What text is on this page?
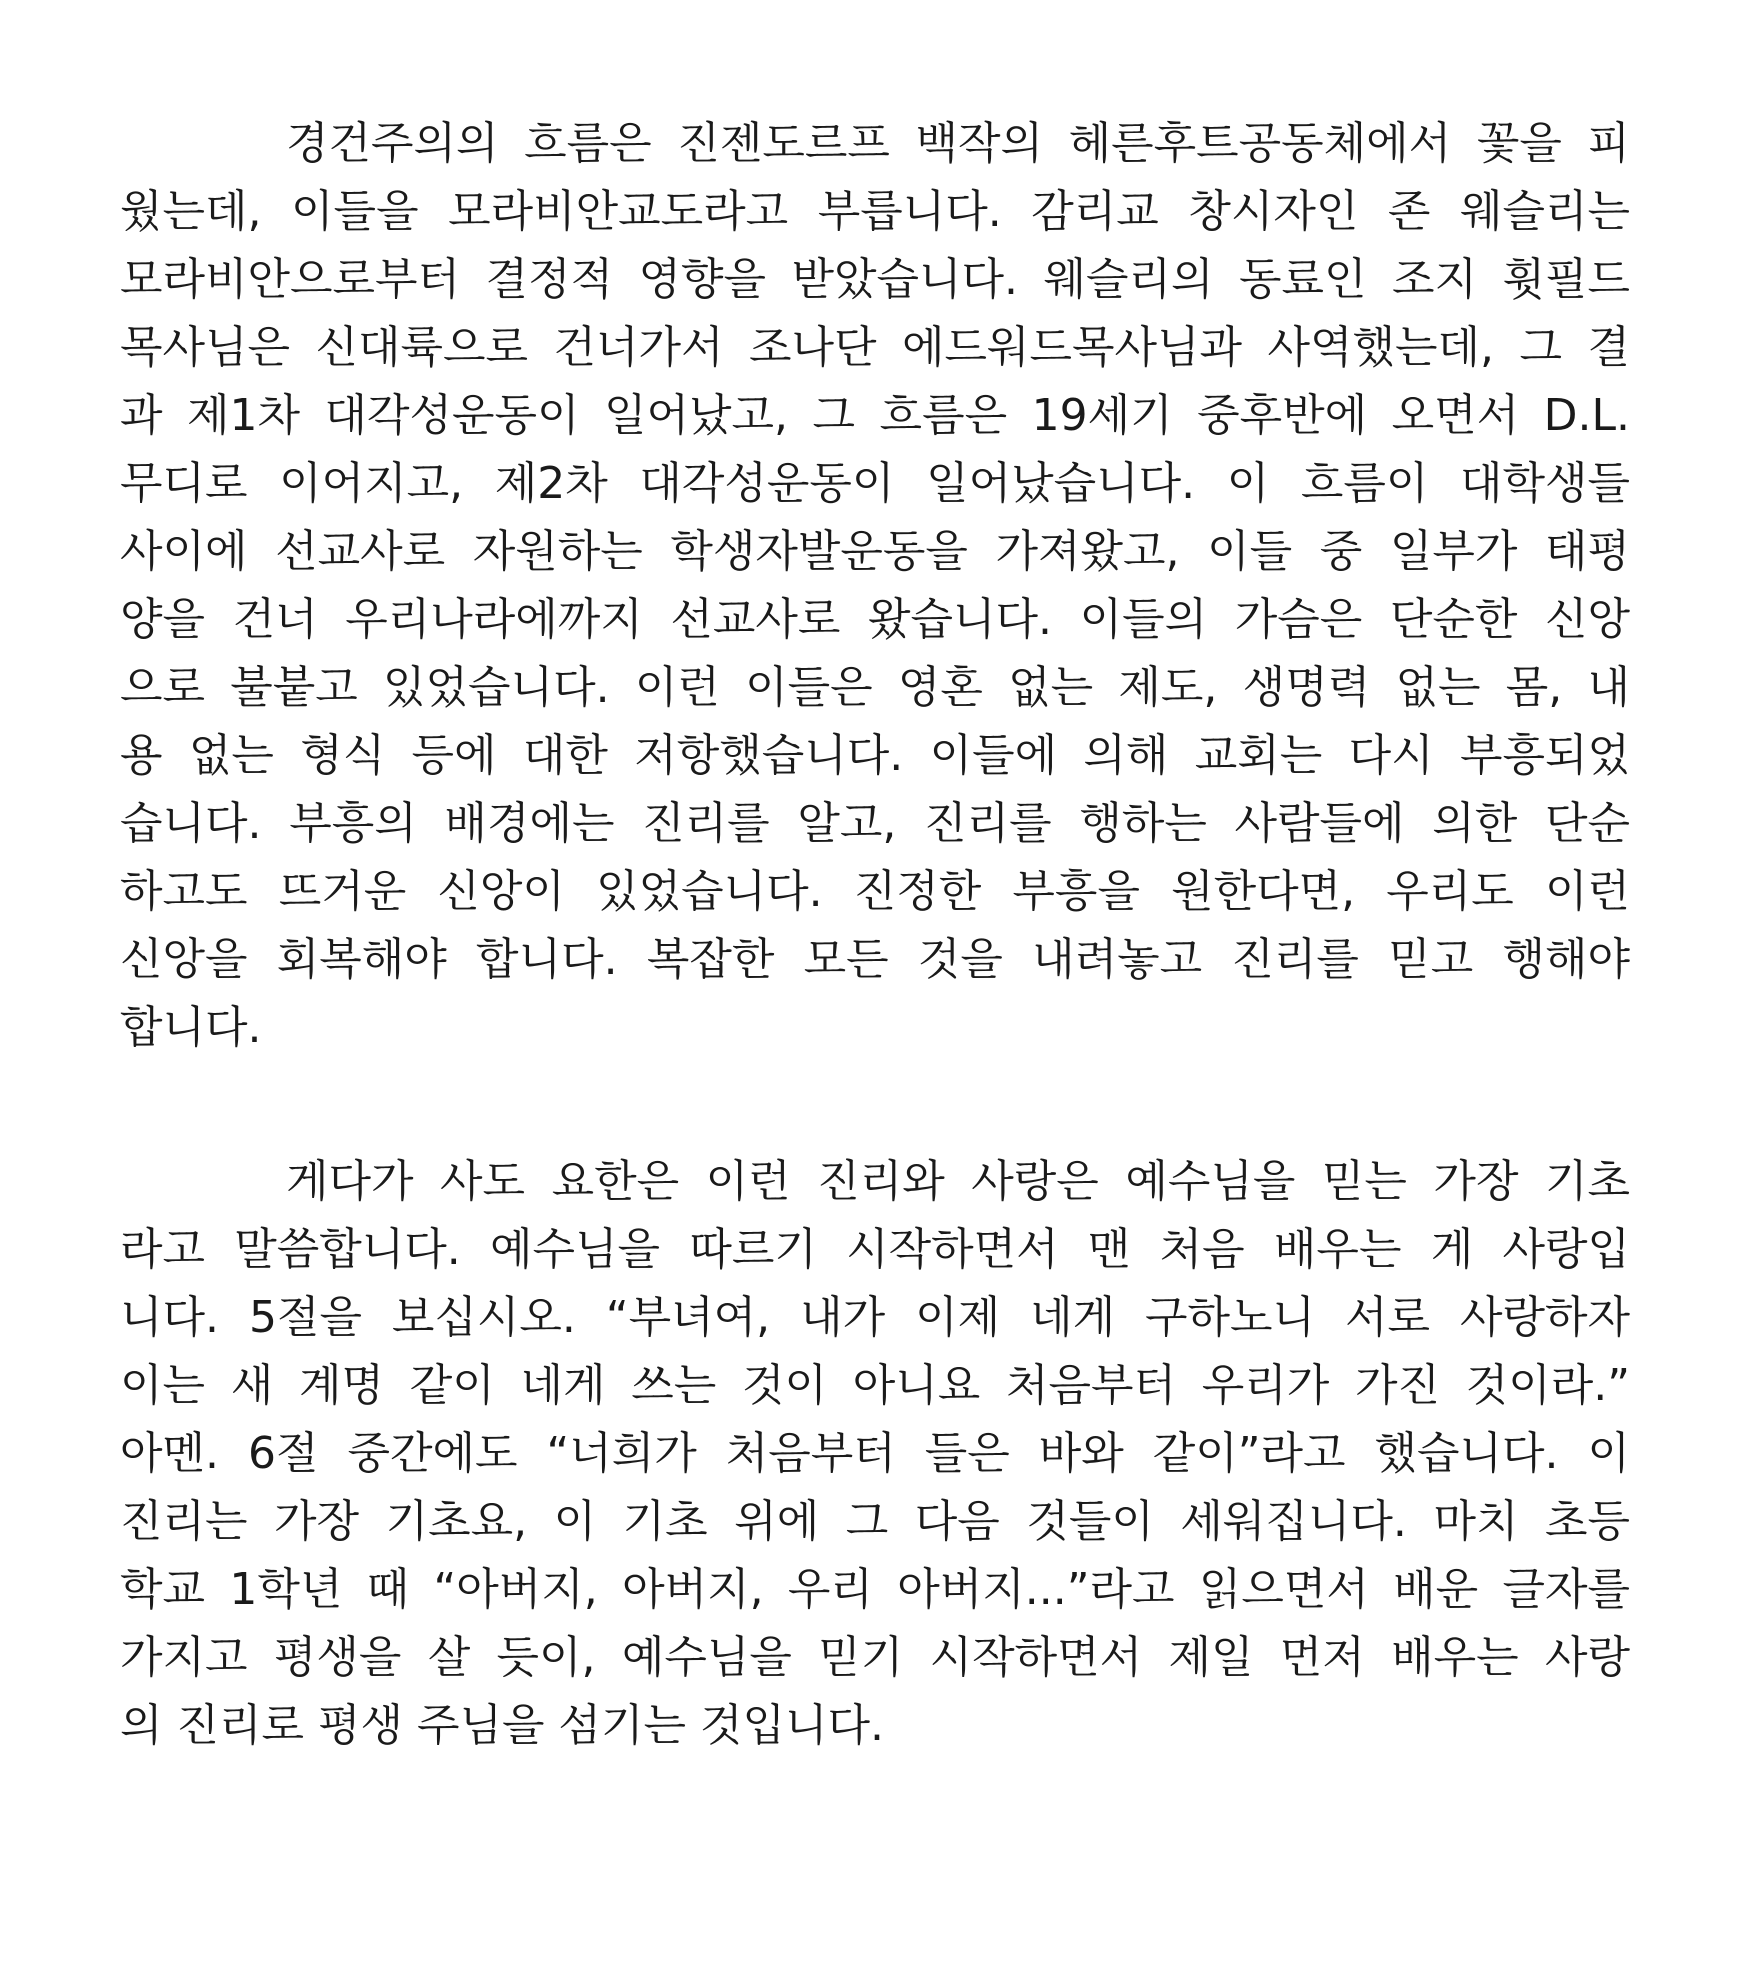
경건주의의 흐름은 진젠도르프 백작의 헤른후트공동체에서 꽃을 피
웠는데, 이들을 모라비안교도라고 부릅니다. 감리교 창시자인 존 웨슬리는
모라비안으로부터 결정적 영향을 받았습니다. 웨슬리의 동료인 조지 휫필드
목사님은 신대륙으로 건너가서 조나단 에드워드목사님과 사역했는데, 그 결
과 제1차 대각성운동이 일어났고, 그 흐름은 19세기 중후반에 오면서 D.L.
무디로 이어지고, 제2차 대각성운동이 일어났습니다. 이 흐름이 대학생들
사이에 선교사로 자원하는 학생자발운동을 가져왔고, 이들 중 일부가 태평
양을 건너 우리나라에까지 선교사로 왔습니다. 이들의 가슴은 단순한 신앙
으로 불붙고 있었습니다. 이런 이들은 영혼 없는 제도, 생명력 없는 몸, 내
용 없는 형식 등에 대한 저항했습니다. 이들에 의해 교회는 다시 부흥되었
습니다. 부흥의 배경에는 진리를 알고, 진리를 행하는 사람들에 의한 단순
하고도 뜨거운 신앙이 있었습니다. 진정한 부흥을 원한다면, 우리도 이런
신앙을 회복해야 합니다. 복잡한 모든 것을 내려놓고 진리를 믿고 행해야
합니다.

게다가 사도 요한은 이런 진리와 사랑은 예수님을 믿는 가장 기초
라고 말씀합니다. 예수님을 따르기 시작하면서 맨 처음 배우는 게 사랑입
니다. 5절을 보십시오. “부녀여, 내가 이제 네게 구하노니 서로 사랑하자
이는 새 계명 같이 네게 쓰는 것이 아니요 처음부터 우리가 가진 것이라.”
아멘. 6절 중간에도 “너희가 처음부터 들은 바와 같이”라고 했습니다. 이
진리는 가장 기초요, 이 기초 위에 그 다음 것들이 세워집니다. 마치 초등
학교 1학년 때 “아버지, 아버지, 우리 아버지...”라고 읽으면서 배운 글자를
가지고 평생을 살 듯이, 예수님을 믿기 시작하면서 제일 먼저 배우는 사랑
의 진리로 평생 주님을 섬기는 것입니다.
